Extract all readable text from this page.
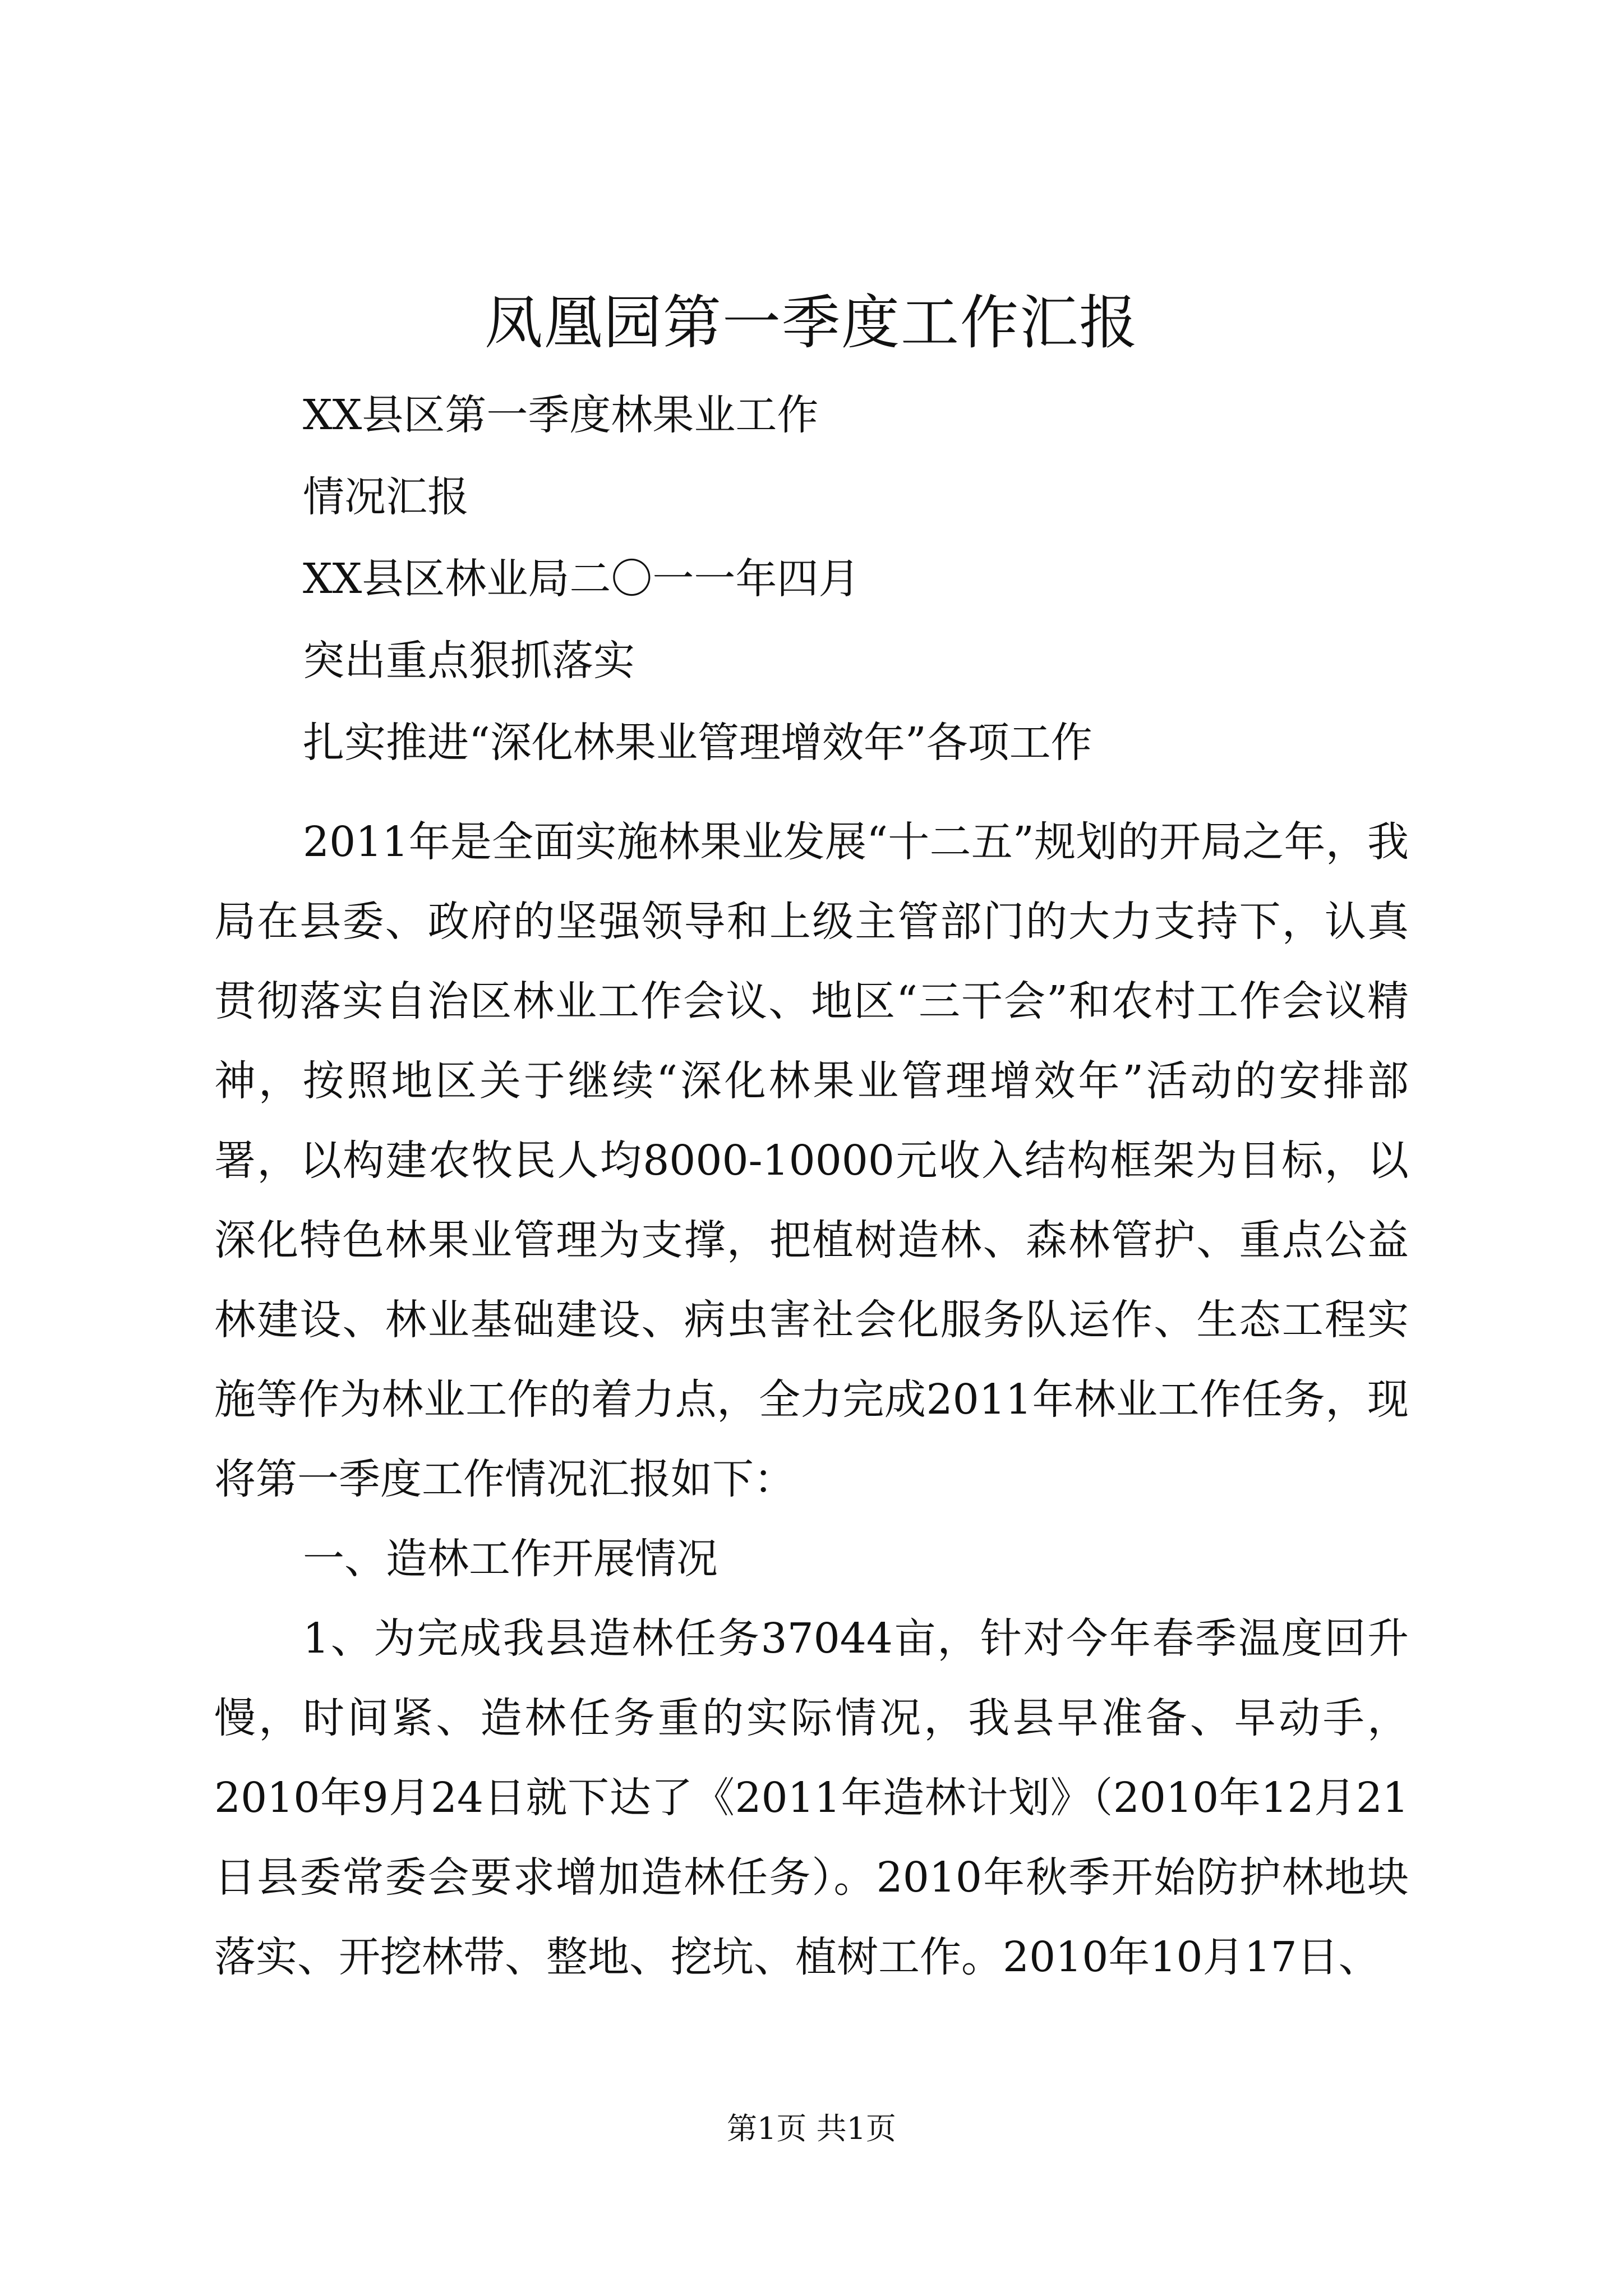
凤凰园第一季度工作汇报
XX县区第一季度林果业工作
情况汇报
XX县区林业局二〇一一年四月
突出重点狠抓落实
扎实推进“深化林果业管理增效年”各项工作

2011年是全面实施林果业发展“十二五”规划的开局之年，我局在县委、政府的坚强领导和上级主管部门的大力支持下，认真贯彻落实自治区林业工作会议、地区“三干会”和农村工作会议精神，按照地区关于继续“深化林果业管理增效年”活动的安排部署，以构建农牧民人均8000-10000元收入结构框架为目标，以深化特色林果业管理为支撑，把植树造林、森林管护、重点公益林建设、林业基础建设、病虫害社会化服务队运作、生态工程实施等作为林业工作的着力点，全力完成2011年林业工作任务，现将第一季度工作情况汇报如下：

一、造林工作开展情况

1、为完成我县造林任务37044亩，针对今年春季温度回升慢，时间紧、造林任务重的实际情况，我县早准备、早动手，2010年9月24日就下达了《2011年造林计划》（2010年12月21日县委常委会要求增加造林任务）。2010年秋季开始防护林地块落实、开挖林带、整地、挖坑、植树工作。2010年10月17日、

第1页 共1页
